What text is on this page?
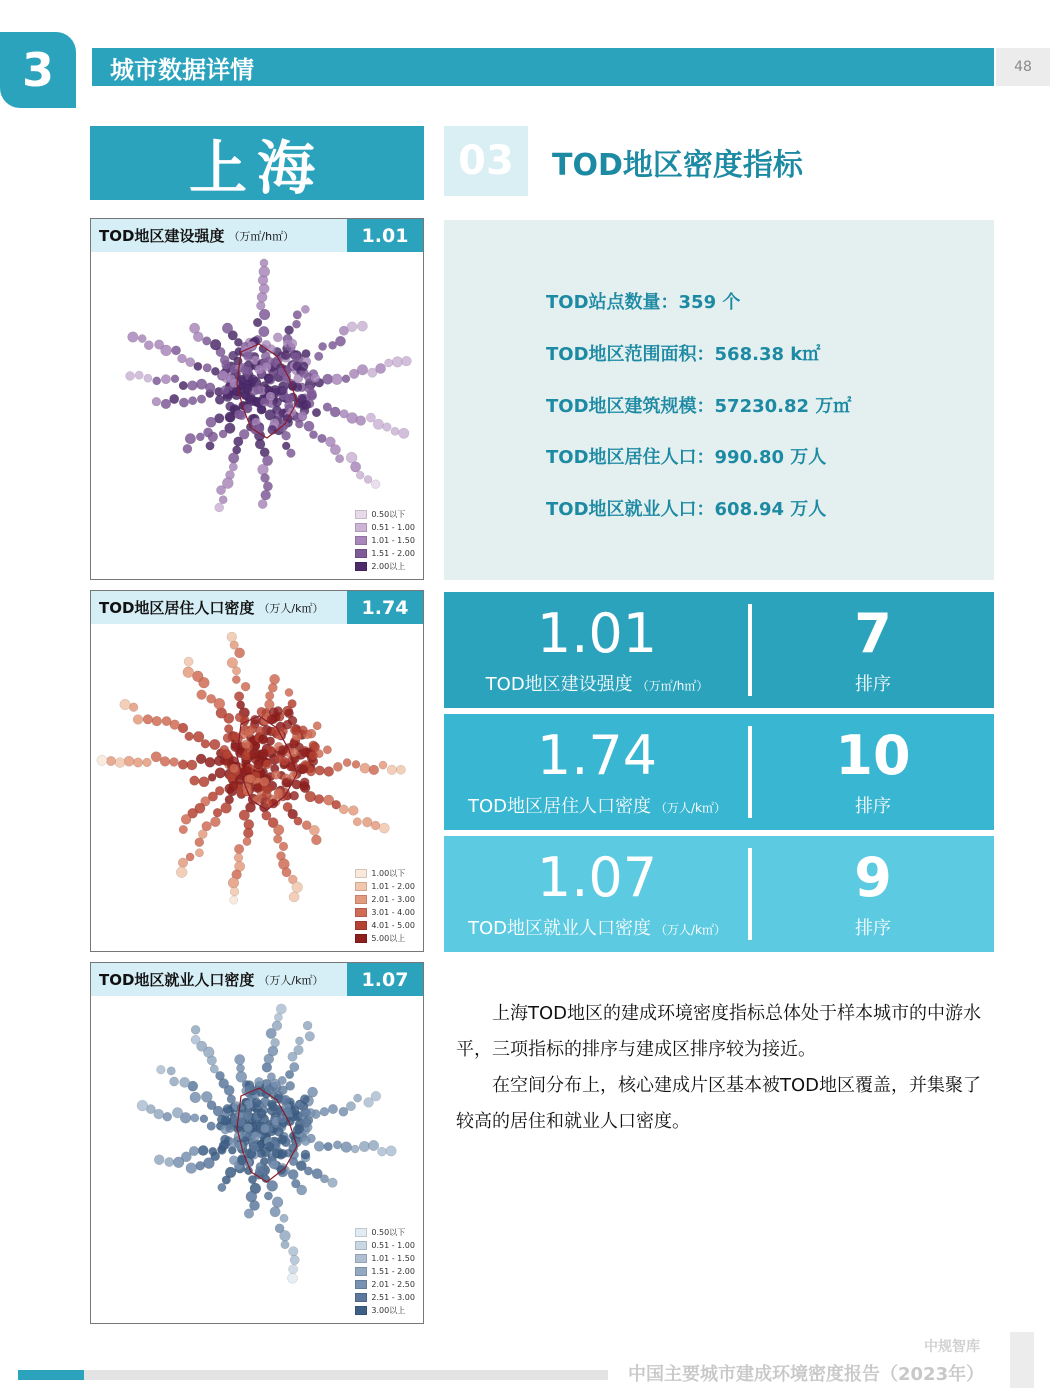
3	城市数据详情	48
上海	03	TOD地区密度指标
TOD地区建设强度 （万㎡/h㎡）	1.01
0.50以下
0.51 - 1.00
1.01 - 1.50
1.51 - 2.00
2.00以上
TOD地区居住人口密度 （万人/k㎡）	1.74
1.00以下
1.01 - 2.00
2.01 - 3.00
3.01 - 4.00
4.01 - 5.00
5.00以上
TOD地区就业人口密度 （万人/k㎡）	1.07
0.50以下
0.51 - 1.00
1.01 - 1.50
1.51 - 2.00
2.01 - 2.50
2.51 - 3.00
3.00以上
TOD站点数量：359 个
TOD地区范围面积：568.38 k㎡
TOD地区建筑规模：57230.82 万㎡
TOD地区居住人口：990.80 万人
TOD地区就业人口：608.94 万人
1.01
TOD地区建设强度 （万㎡/h㎡）
7
排序
1.74
TOD地区居住人口密度 （万人/k㎡）
10
排序
1.07
TOD地区就业人口密度 （万人/k㎡）
9
排序
上海TOD地区的建成环境密度指标总体处于样本城市的中游水平，三项指标的排序与建成区排序较为接近。
在空间分布上，核心建成片区基本被TOD地区覆盖，并集聚了较高的居住和就业人口密度。
中规智库
中国主要城市建成环境密度报告（2023年）
